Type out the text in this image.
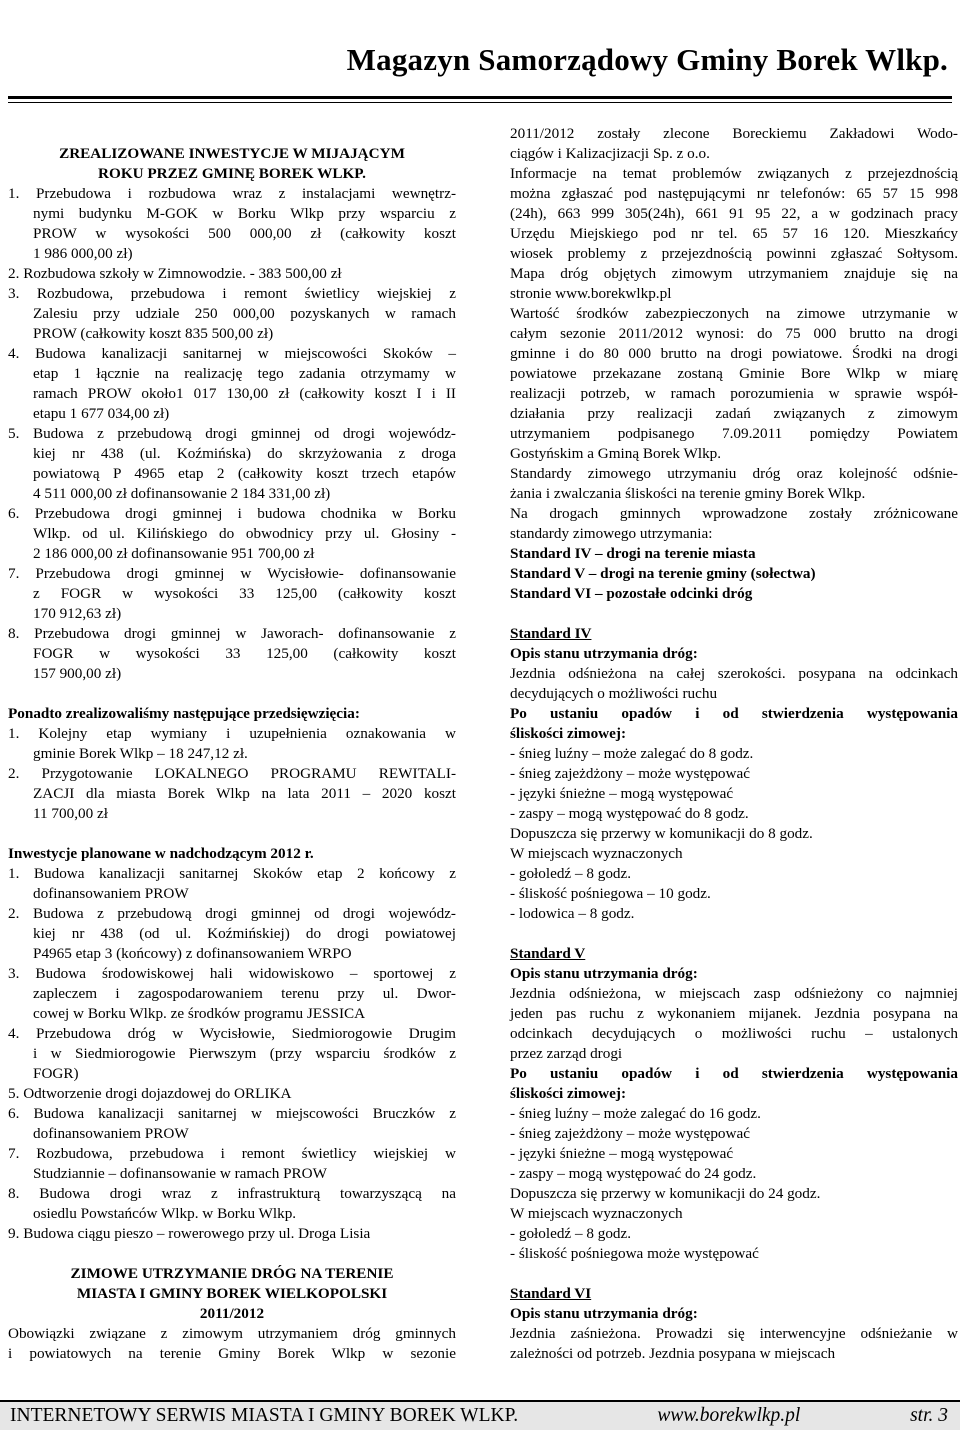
Magazyn Samorządowy Gminy Borek Wlkp.
ZREALIZOWANE INWESTYCJE W MIJAJĄCYM
ROKU PRZEZ GMINĘ BOREK WLKP.
1. Przebudowa i rozbudowa wraz z instalacjami wewnętrz-
nymi budynku M-GOK w Borku Wlkp przy wsparciu z
PROW w wysokości 500 000,00 zł (całkowity koszt
1 986 000,00 zł)
2. Rozbudowa szkoły w Zimnowodzie. - 383 500,00 zł
3. Rozbudowa, przebudowa i remont świetlicy wiejskiej z
Zalesiu przy udziale 250 000,00 pozyskanych w ramach
PROW (całkowity koszt 835 500,00 zł)
4. Budowa kanalizacji sanitarnej w miejscowości Skoków –
etap 1 łącznie na realizację tego zadania otrzymamy w
ramach PROW około1 017 130,00 zł (całkowity koszt I i II
etapu 1 677 034,00 zł)
5. Budowa z przebudową drogi gminnej od drogi wojewódz-
kiej nr 438 (ul. Koźmińska) do skrzyżowania z droga
powiatową P 4965 etap 2 (całkowity koszt trzech etapów
4 511 000,00 zł dofinansowanie 2 184 331,00 zł)
6. Przebudowa drogi gminnej i budowa chodnika w Borku
Wlkp. od ul. Kilińskiego do obwodnicy przy ul. Głosiny -
2 186 000,00 zł dofinansowanie 951 700,00 zł
7. Przebudowa drogi gminnej w Wycisłowie- dofinansowanie
z FOGR w wysokości 33 125,00 (całkowity koszt
170 912,63 zł)
8. Przebudowa drogi gminnej w Jaworach- dofinansowanie z
FOGR w wysokości 33 125,00 (całkowity koszt
157 900,00 zł)
Ponadto zrealizowaliśmy następujące przedsięwzięcia:
1. Kolejny etap wymiany i uzupełnienia oznakowania w
gminie Borek Wlkp – 18 247,12 zł.
2. Przygotowanie LOKALNEGO PROGRAMU REWITALI-
ZACJI dla miasta Borek Wlkp na lata 2011 – 2020 koszt
11 700,00 zł
Inwestycje planowane w nadchodzącym 2012 r.
1. Budowa kanalizacji sanitarnej Skoków etap 2 końcowy z
dofinansowaniem PROW
2. Budowa z przebudową drogi gminnej od drogi wojewódz-
kiej nr 438 (od ul. Koźmińskiej) do drogi powiatowej
P4965 etap 3 (końcowy) z dofinansowaniem WRPO
3. Budowa środowiskowej hali widowiskowo – sportowej z
zapleczem i zagospodarowaniem terenu przy ul. Dwor-
cowej w Borku Wlkp. ze środków programu JESSICA
4. Przebudowa dróg w Wycisłowie, Siedmiorogowie Drugim
i w Siedmiorogowie Pierwszym (przy wsparciu środków z
FOGR)
5. Odtworzenie drogi dojazdowej do ORLIKA
6. Budowa kanalizacji sanitarnej w miejscowości Bruczków z
dofinansowaniem PROW
7. Rozbudowa, przebudowa i remont świetlicy wiejskiej w
Studziannie – dofinansowanie w ramach PROW
8. Budowa drogi wraz z infrastrukturą towarzyszącą na
osiedlu Powstańców Wlkp. w Borku Wlkp.
9. Budowa ciągu pieszo – rowerowego przy ul. Droga Lisia
ZIMOWE UTRZYMANIE DRÓG NA TERENIE
MIASTA I GMINY BOREK WIELKOPOLSKI
2011/2012
Obowiązki związane z zimowym utrzymaniem dróg gminnych
i powiatowych na terenie Gminy Borek Wlkp w sezonie
2011/2012 zostały zlecone Boreckiemu Zakładowi Wodo-
ciągów i Kalizacjizacji Sp. z o.o.
Informacje na temat problemów związanych z przejezdnością
można zgłaszać pod następującymi nr telefonów: 65 57 15 998
(24h), 663 999 305(24h), 661 91 95 22, a w godzinach pracy
Urzędu Miejskiego pod nr tel. 65 57 16 120. Mieszkańcy
wiosek problemy z przejezdnością powinni zgłaszać Sołtysom.
Mapa dróg objętych zimowym utrzymaniem znajduje się na
stronie www.borekwlkp.pl
Wartość środków zabezpieczonych na zimowe utrzymanie w
całym sezonie 2011/2012 wynosi: do 75 000 brutto na drogi
gminne i do 80 000 brutto na drogi powiatowe. Środki na drogi
powiatowe przekazane zostaną Gminie Bore Wlkp w miarę
realizacji potrzeb, w ramach porozumienia w sprawie współ-
działania przy realizacji zadań związanych z zimowym
utrzymaniem podpisanego 7.09.2011 pomiędzy Powiatem
Gostyńskim a Gminą Borek Wlkp.
Standardy zimowego utrzymaniu dróg oraz kolejność odśnie-
żania i zwalczania śliskości na terenie gminy Borek Wlkp.
Na drogach gminnych wprowadzone zostały zróżnicowane
standardy zimowego utrzymania:
Standard IV – drogi na terenie miasta
Standard V – drogi na terenie gminy (sołectwa)
Standard VI – pozostałe odcinki dróg
Standard IV
Opis stanu utrzymania dróg:
Jezdnia odśnieżona na całej szerokości. posypana na odcinkach
decydujących o możliwości ruchu
Po ustaniu opadów i od stwierdzenia występowania
śliskości zimowej:
- śnieg luźny – może zalegać do 8 godz.
- śnieg zajeżdżony – może występować
- języki śnieżne – mogą występować
- zaspy – mogą występować do 8 godz.
Dopuszcza się przerwy w komunikacji do 8 godz.
W miejscach wyznaczonych
- gołoledź – 8 godz.
- śliskość pośniegowa – 10 godz.
- lodowica – 8 godz.
Standard V
Opis stanu utrzymania dróg:
Jezdnia odśnieżona, w miejscach zasp odśnieżony co najmniej
jeden pas ruchu z wykonaniem mijanek. Jezdnia posypana na
odcinkach decydujących o możliwości ruchu – ustalonych
przez zarząd drogi
Po ustaniu opadów i od stwierdzenia występowania
śliskości zimowej:
- śnieg luźny – może zalegać do 16 godz.
- śnieg zajeżdżony – może występować
- języki śnieżne – mogą występować
- zaspy – mogą występować do 24 godz.
Dopuszcza się przerwy w komunikacji do 24 godz.
W miejscach wyznaczonych
- gołoledź – 8 godz.
- śliskość pośniegowa może występować
Standard VI
Opis stanu utrzymania dróg:
Jezdnia zaśnieżona. Prowadzi się interwencyjne odśnieżanie w
zależności od potrzeb. Jezdnia posypana w miejscach
INTERNETOWY SERWIS MIASTA I GMINY BOREK WLKP.	www.borekwlkp.pl	str. 3
